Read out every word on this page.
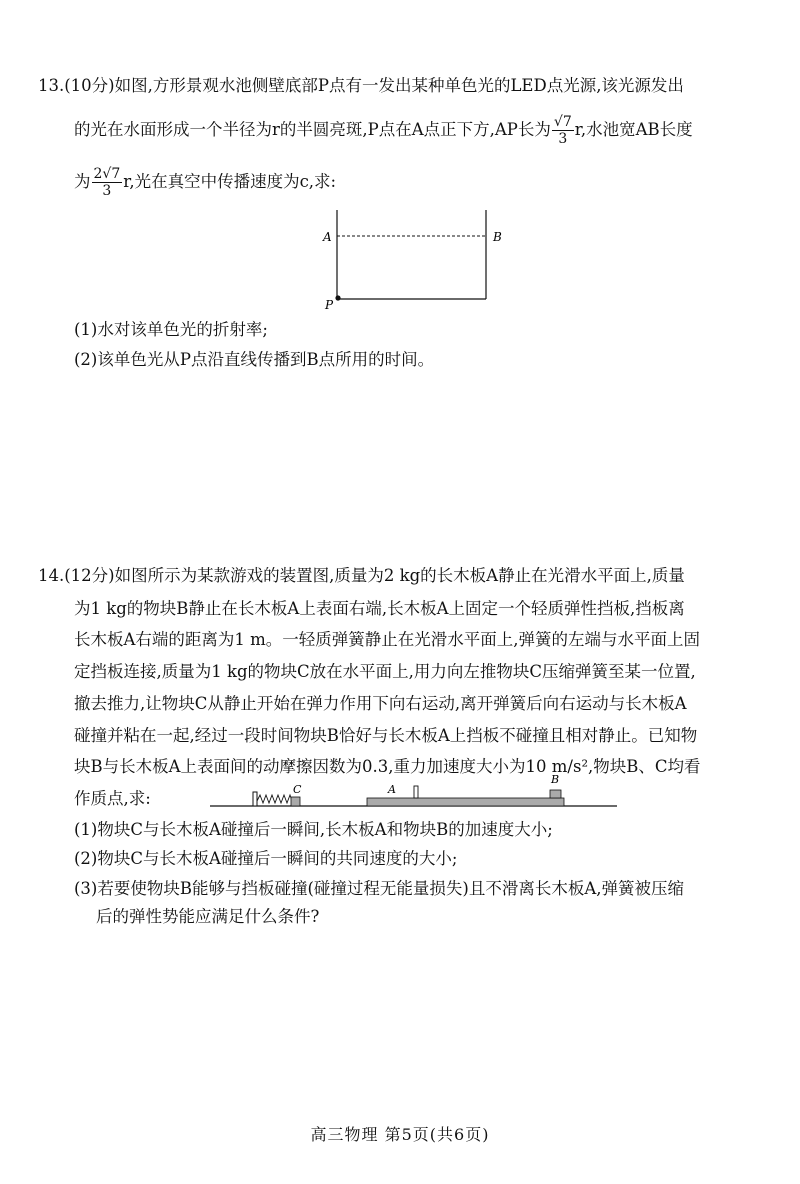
13.(10分)如图,方形景观水池侧壁底部P点有一发出某种单色光的LED点光源,该光源发出
的光在水面形成一个半径为r的半圆亮斑,P点在A点正下方,AP长为 $\frac{√7}{3} r$,水池宽AB长度
为 $\frac{2√7}{3} r$,光在真空中传播速度为c,求:
A	B
P
(1)水对该单色光的折射率;
(2)该单色光从P点沿直线传播到B点所用的时间。
14.(12分)如图所示为某款游戏的装置图,质量为2 kg的长木板A静止在光滑水平面上,质量
为1 kg的物块B静止在长木板A上表面右端,长木板A上固定一个轻质弹性挡板,挡板离
长木板A右端的距离为1 m。一轻质弹簧静止在光滑水平面上,弹簧的左端与水平面上固
定挡板连接,质量为1 kg的物块C放在水平面上,用力向左推物块C压缩弹簧至某一位置,
撤去推力,让物块C从静止开始在弹力作用下向右运动,离开弹簧后向右运动与长木板A
碰撞并粘在一起,经过一段时间物块B恰好与长木板A上挡板不碰撞且相对静止。已知物
块B与长木板A上表面间的动摩擦因数为0.3,重力加速度大小为10 m/s²,物块B、C均看
作质点,求:	C	A
B
(1)物块C与长木板A碰撞后一瞬间,长木板A和物块B的加速度大小;
(2)物块C与长木板A碰撞后一瞬间的共同速度的大小;
(3)若要使物块B能够与挡板碰撞(碰撞过程无能量损失)且不滑离长木板A,弹簧被压缩
后的弹性势能应满足什么条件?
高三物理 第5页(共6页)
